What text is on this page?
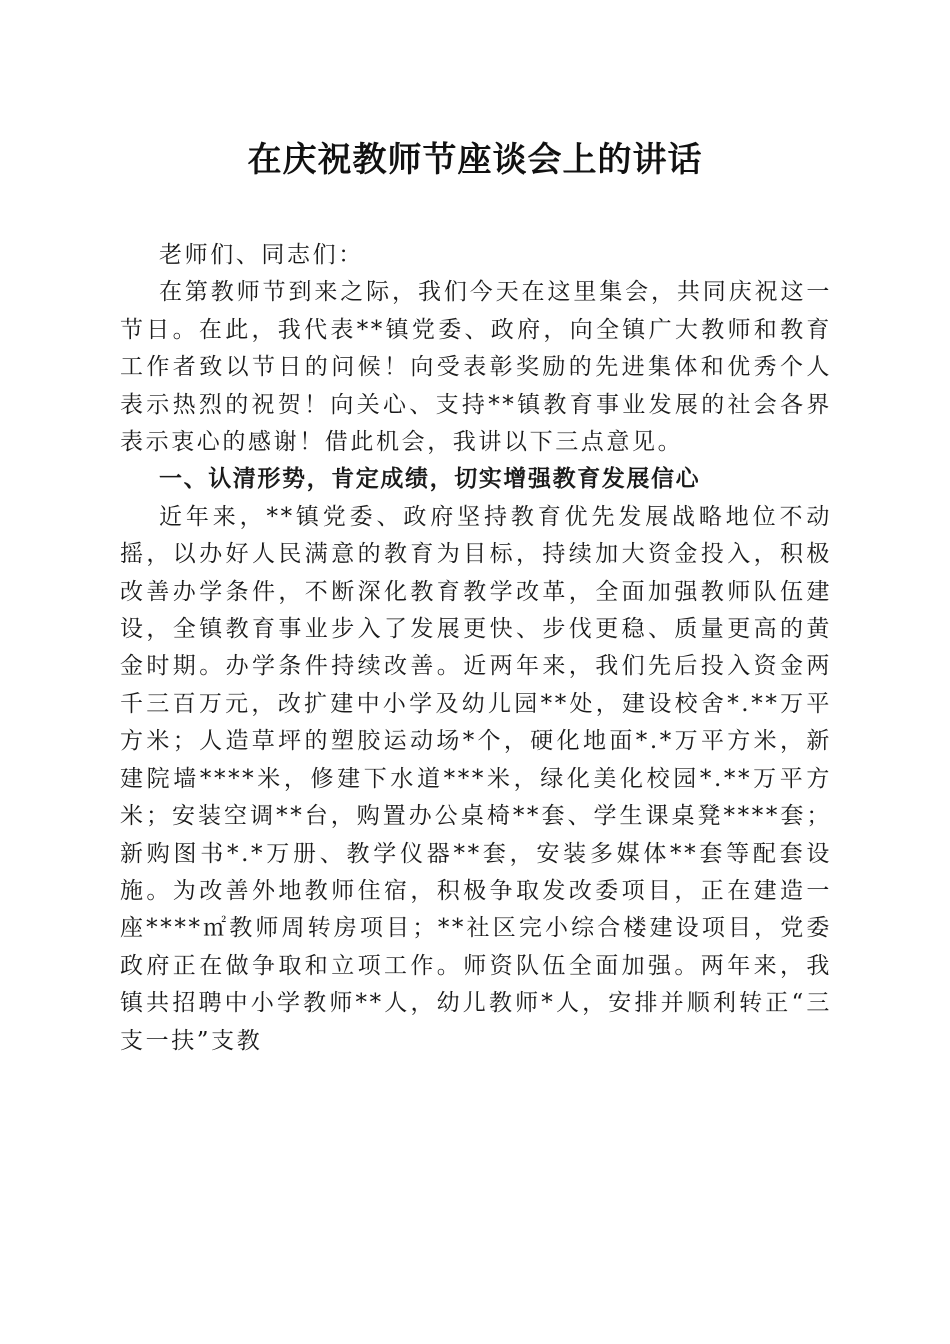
在庆祝教师节座谈会上的讲话

老师们、同志们：

在第教师节到来之际，我们今天在这里集会，共同庆祝这一节日。在此，我代表**镇党委、政府，向全镇广大教师和教育工作者致以节日的问候！向受表彰奖励的先进集体和优秀个人表示热烈的祝贺！向关心、支持**镇教育事业发展的社会各界表示衷心的感谢！借此机会，我讲以下三点意见。

一、认清形势，肯定成绩，切实增强教育发展信心

近年来，**镇党委、政府坚持教育优先发展战略地位不动摇，以办好人民满意的教育为目标，持续加大资金投入，积极改善办学条件，不断深化教育教学改革，全面加强教师队伍建设，全镇教育事业步入了发展更快、步伐更稳、质量更高的黄金时期。办学条件持续改善。近两年来，我们先后投入资金两千三百万元，改扩建中小学及幼儿园**处，建设校舍*.**万平方米；人造草坪的塑胶运动场*个，硬化地面*.*万平方米，新建院墙****米，修建下水道***米，绿化美化校园*.**万平方米；安装空调**台，购置办公桌椅**套、学生课桌凳****套；新购图书*.*万册、教学仪器**套，安装多媒体**套等配套设施。为改善外地教师住宿，积极争取发改委项目，正在建造一座****㎡教师周转房项目；**社区完小综合楼建设项目，党委政府正在做争取和立项工作。师资队伍全面加强。两年来，我镇共招聘中小学教师**人，幼儿教师*人，安排并顺利转正“三支一扶”支教
